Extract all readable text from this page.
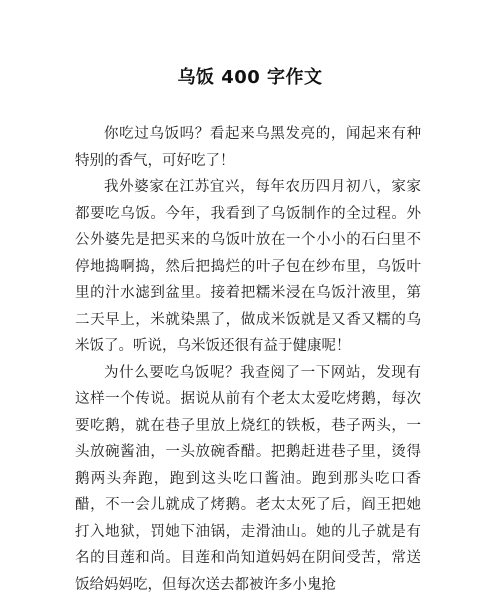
乌饭 400 字作文

你吃过乌饭吗？看起来乌黑发亮的，闻起来有种特别的香气，可好吃了！

我外婆家在江苏宜兴，每年农历四月初八，家家都要吃乌饭。今年，我看到了乌饭制作的全过程。外公外婆先是把买来的乌饭叶放在一个小小的石臼里不停地捣啊捣，然后把捣烂的叶子包在纱布里，乌饭叶里的汁水滤到盆里。接着把糯米浸在乌饭汁液里，第二天早上，米就染黑了，做成米饭就是又香又糯的乌米饭了。听说，乌米饭还很有益于健康呢！

为什么要吃乌饭呢？我查阅了一下网站，发现有这样一个传说。据说从前有个老太太爱吃烤鹅，每次要吃鹅，就在巷子里放上烧红的铁板，巷子两头，一头放碗酱油，一头放碗香醋。把鹅赶进巷子里，烫得鹅两头奔跑，跑到这头吃口酱油。跑到那头吃口香醋，不一会儿就成了烤鹅。老太太死了后，阎王把她打入地狱，罚她下油锅，走滑油山。她的儿子就是有名的目莲和尚。目莲和尚知道妈妈在阴间受苦，常送饭给妈妈吃，但每次送去都被许多小鬼抢
